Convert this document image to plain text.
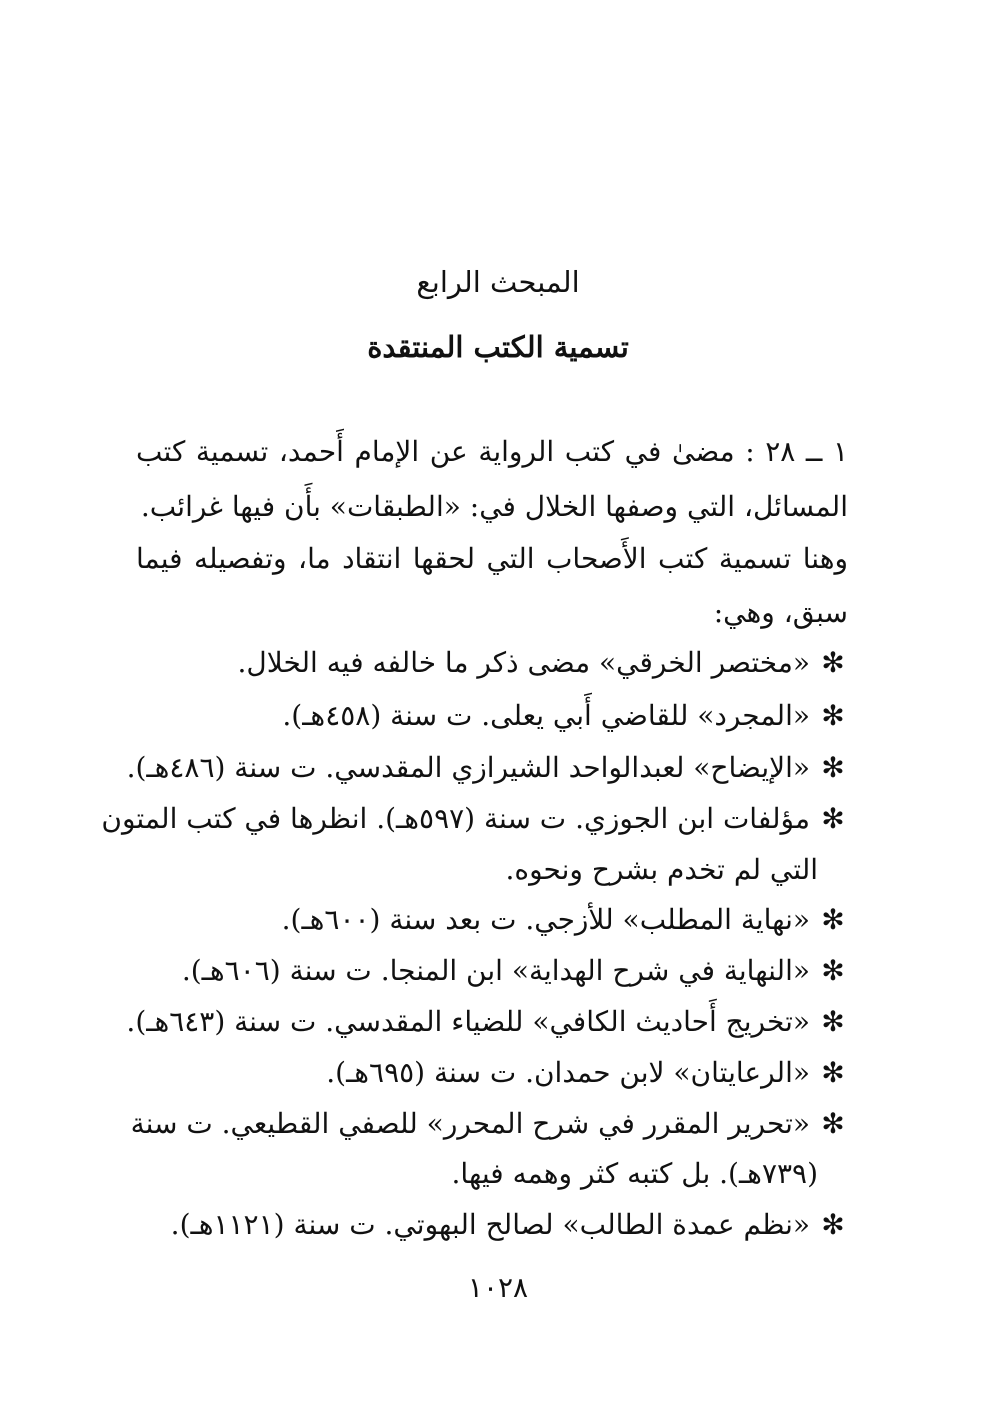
المبحث الرابع
تسمية الكتب المنتقدة
١ ــ ٢٨ : مضىٰ في كتب الرواية عن الإمام أَحمد، تسمية كتب
المسائل، التي وصفها الخلال في: «الطبقات» بأَن فيها غرائب.
وهنا تسمية كتب الأَصحاب التي لحقها انتقاد ما، وتفصيله فيما
سبق، وهي:
✻«مختصر الخرقي» مضى ذكر ما خالفه فيه الخلال.
✻«المجرد» للقاضي أَبي يعلى. ت سنة (٤٥٨هـ).
✻«الإيضاح» لعبدالواحد الشيرازي المقدسي. ت سنة (٤٨٦هـ).
✻مؤلفات ابن الجوزي. ت سنة (٥٩٧هـ). انظرها في كتب المتون
التي لم تخدم بشرح ونحوه.
✻«نهاية المطلب» للأزجي. ت بعد سنة (٦٠٠هـ).
✻«النهاية في شرح الهداية» ابن المنجا. ت سنة (٦٠٦هـ).
✻«تخريج أَحاديث الكافي» للضياء المقدسي. ت سنة (٦٤٣هـ).
✻«الرعايتان» لابن حمدان. ت سنة (٦٩٥هـ).
✻«تحرير المقرر في شرح المحرر» للصفي القطيعي. ت سنة
(٧٣٩هـ). بل كتبه كثر وهمه فيها.
✻«نظم عمدة الطالب» لصالح البهوتي. ت سنة (١١٢١هـ).
١٠٢٨
